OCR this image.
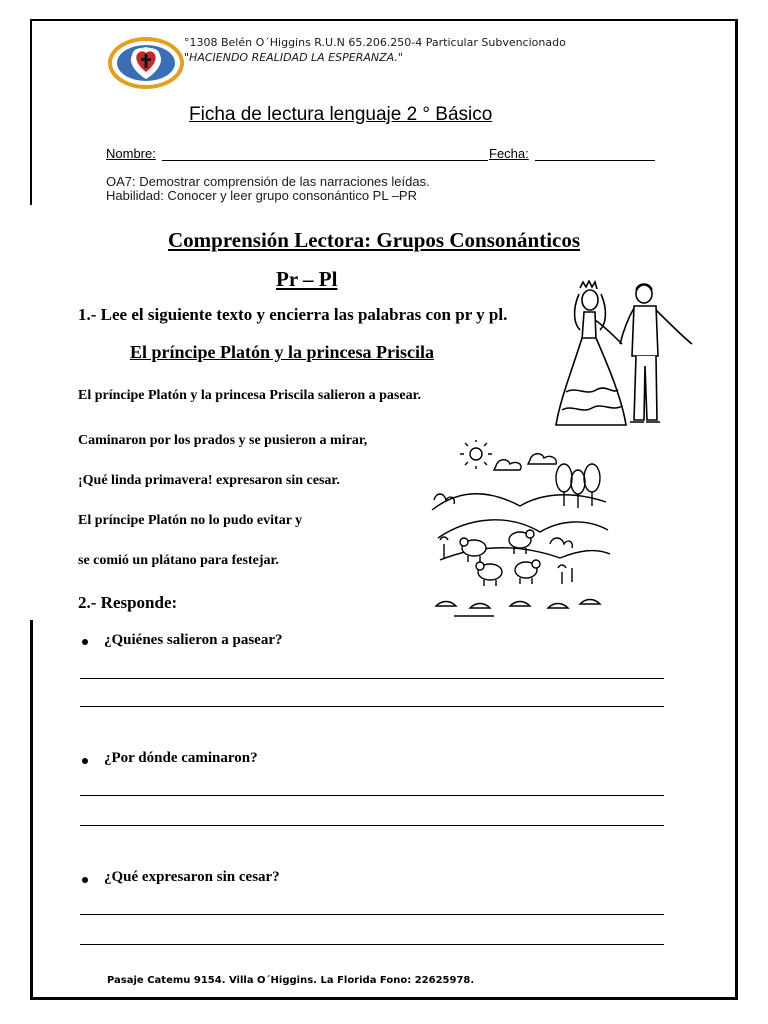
°1308 Belén O´Higgins R.U.N 65.206.250-4 Particular Subvencionado
"HACIENDO REALIDAD LA ESPERANZA."
Ficha de lectura lenguaje 2 ° Básico
Nombre:	Fecha:
OA7: Demostrar comprensión de las narraciones leídas.
Habilidad: Conocer y leer grupo consonántico PL –PR
Comprensión Lectora: Grupos Consonánticos
Pr – Pl
1.- Lee el siguiente texto y encierra las palabras con pr y pl.
El príncipe Platón y la princesa Priscila
El príncipe Platón y la princesa Priscila salieron a pasear.
Caminaron por los prados y se pusieron a mirar,
¡Qué linda primavera! expresaron sin cesar.
El príncipe Platón no lo pudo evitar y
se comió un plátano para festejar.
2.- Responde:
¿Quiénes salieron a pasear?
¿Por dónde caminaron?
¿Qué expresaron sin cesar?
Pasaje Catemu 9154. Villa O´Higgins. La Florida Fono: 22625978.
